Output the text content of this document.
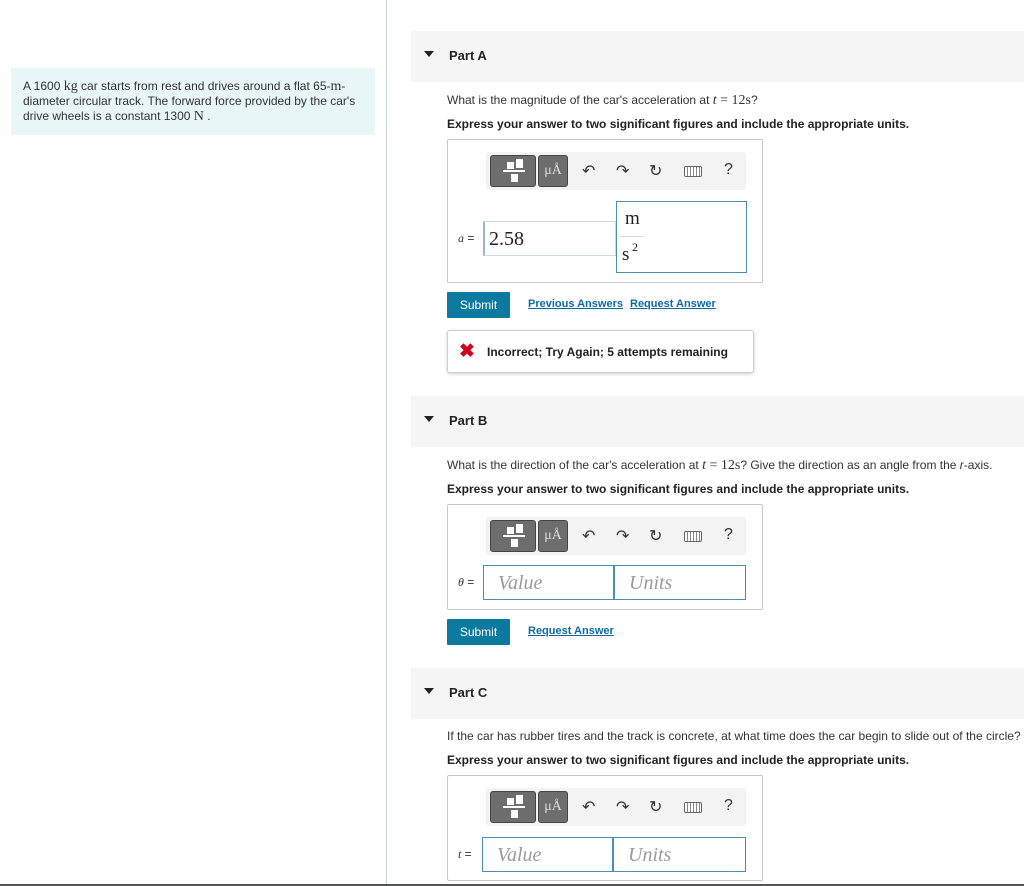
A 1600 kg car starts from rest and drives around a flat 65-m-diameter circular track. The forward force provided by the car's drive wheels is a constant 1300 N .
Part A
What is the magnitude of the car's acceleration at t = 12s?
Express your answer to two significant figures and include the appropriate units.
μÅ	↶ ↷ ↻	?
a = 2.58
m
s 2
Submit	Previous Answers Request Answer
✖ Incorrect; Try Again; 5 attempts remaining
Part B
What is the direction of the car's acceleration at t = 12s? Give the direction as an angle from the r-axis.
Express your answer to two significant figures and include the appropriate units.
μÅ	↶ ↷ ↻	?
θ =	Value	Units
Submit	Request Answer
Part C
If the car has rubber tires and the track is concrete, at what time does the car begin to slide out of the circle?
Express your answer to two significant figures and include the appropriate units.
μÅ	↶ ↷ ↻	?
t =	Value	Units
